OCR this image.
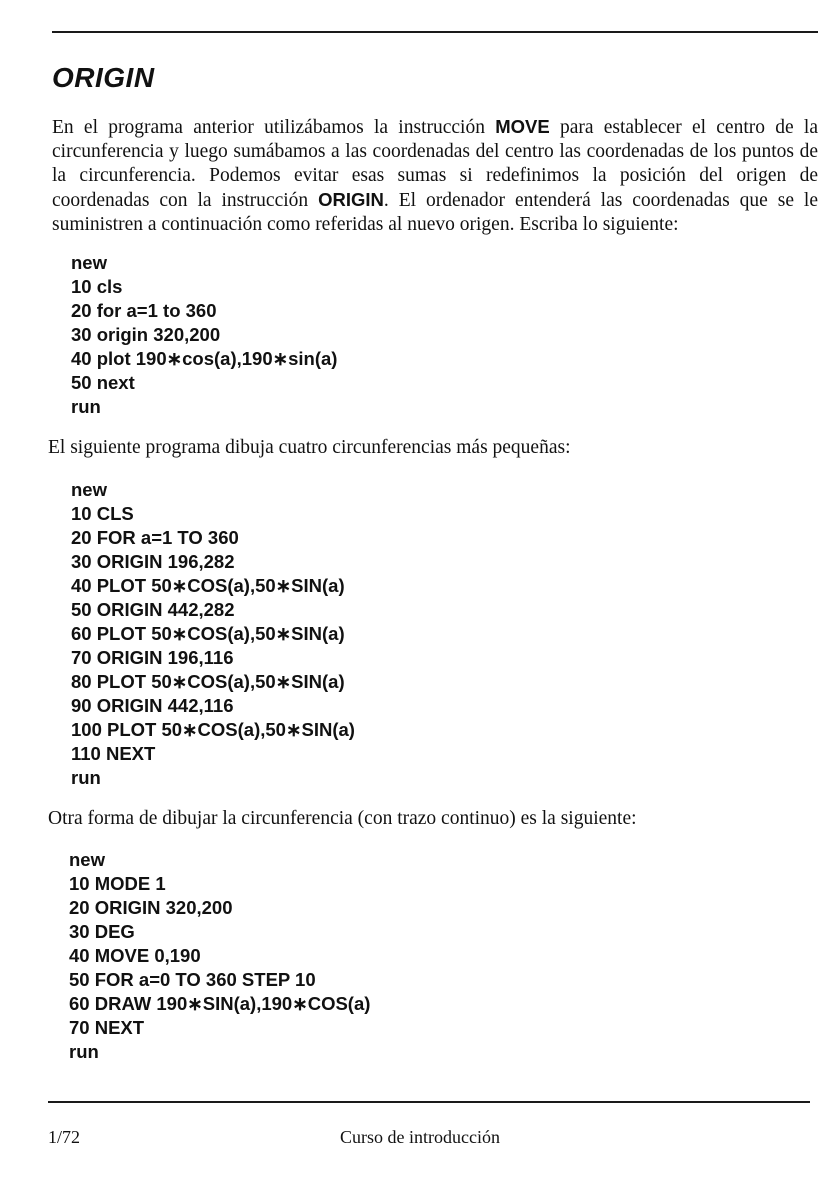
ORIGIN

En el programa anterior utilizábamos la instrucción MOVE para establecer el centro de la circunferencia y luego sumábamos a las coordenadas del centro las coordenadas de los puntos de la circunferencia. Podemos evitar esas sumas si redefinimos la posición del origen de coordenadas con la instrucción ORIGIN. El ordenador entenderá las coordenadas que se le suministren a continuación como referidas al nuevo origen. Escriba lo siguiente:

new
10 cls
20 for a=1 to 360
30 origin 320,200
40 plot 190∗cos(a),190∗sin(a)
50 next
run

El siguiente programa dibuja cuatro circunferencias más pequeñas:

new
10 CLS
20 FOR a=1 TO 360
30 ORIGIN 196,282
40 PLOT 50∗COS(a),50∗SIN(a)
50 ORIGIN 442,282
60 PLOT 50∗COS(a),50∗SIN(a)
70 ORIGIN 196,116
80 PLOT 50∗COS(a),50∗SIN(a)
90 ORIGIN 442,116
100 PLOT 50∗COS(a),50∗SIN(a)
110 NEXT
run

Otra forma de dibujar la circunferencia (con trazo continuo) es la siguiente:

new
10 MODE 1
20 ORIGIN 320,200
30 DEG
40 MOVE 0,190
50 FOR a=0 TO 360 STEP 10
60 DRAW 190∗SIN(a),190∗COS(a)
70 NEXT
run

1/72	Curso de introducción
